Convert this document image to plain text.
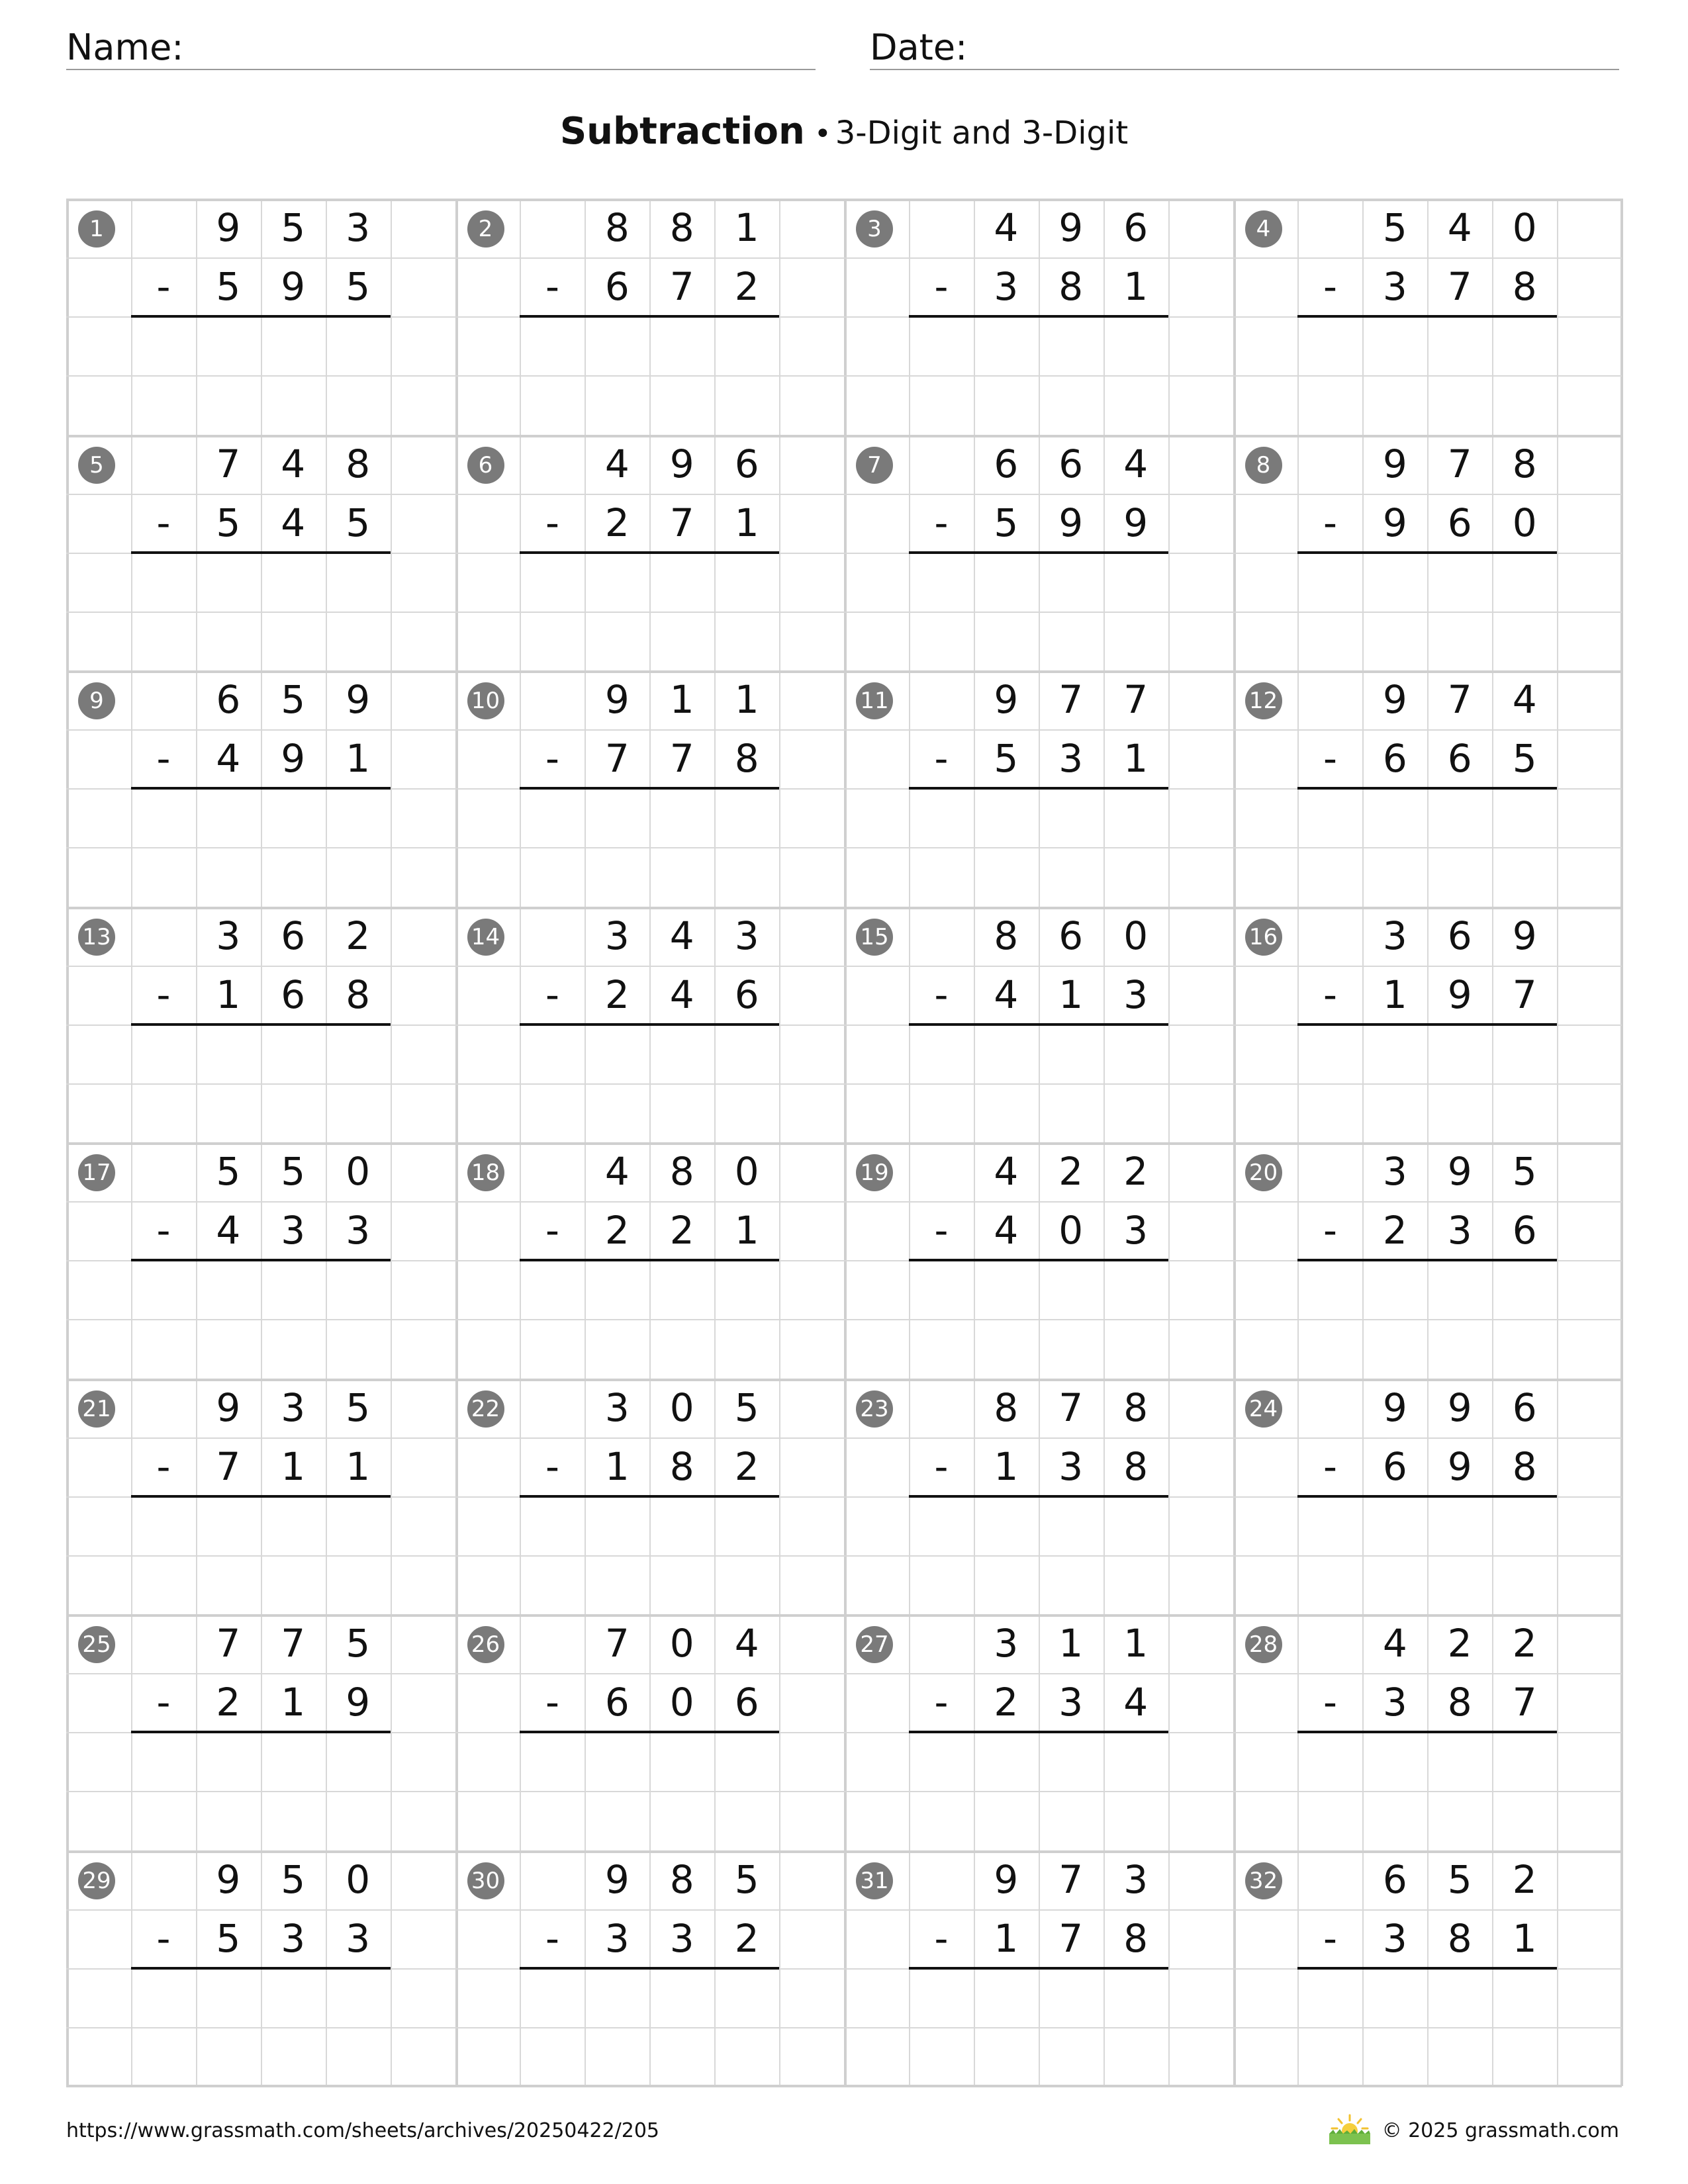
Name:	Date:
Subtraction • 3-Digit and 3-Digit
1	9	5	3
-	5	9	5
2	8	8	1
-	6	7	2
3	4	9	6
-	3	8	1
4	5	4	0
-	3	7	8
5	7	4	8
-	5	4	5
6	4	9	6
-	2	7	1
7	6	6	4
-	5	9	9
8	9	7	8
-	9	6	0
9	6	5	9
-	4	9	1
10	9	1	1
-	7	7	8
11	9	7	7
-	5	3	1
12	9	7	4
-	6	6	5
13	3	6	2
-	1	6	8
14	3	4	3
-	2	4	6
15	8	6	0
-	4	1	3
16	3	6	9
-	1	9	7
17	5	5	0
-	4	3	3
18	4	8	0
-	2	2	1
19	4	2	2
-	4	0	3
20	3	9	5
-	2	3	6
21	9	3	5
-	7	1	1
22	3	0	5
-	1	8	2
23	8	7	8
-	1	3	8
24	9	9	6
-	6	9	8
25	7	7	5
-	2	1	9
26	7	0	4
-	6	0	6
27	3	1	1
-	2	3	4
28	4	2	2
-	3	8	7
29	9	5	0
-	5	3	3
30	9	8	5
-	3	3	2
31	9	7	3
-	1	7	8
32	6	5	2
-	3	8	1
https://www.grassmath.com/sheets/archives/20250422/205	© 2025 grassmath.com
